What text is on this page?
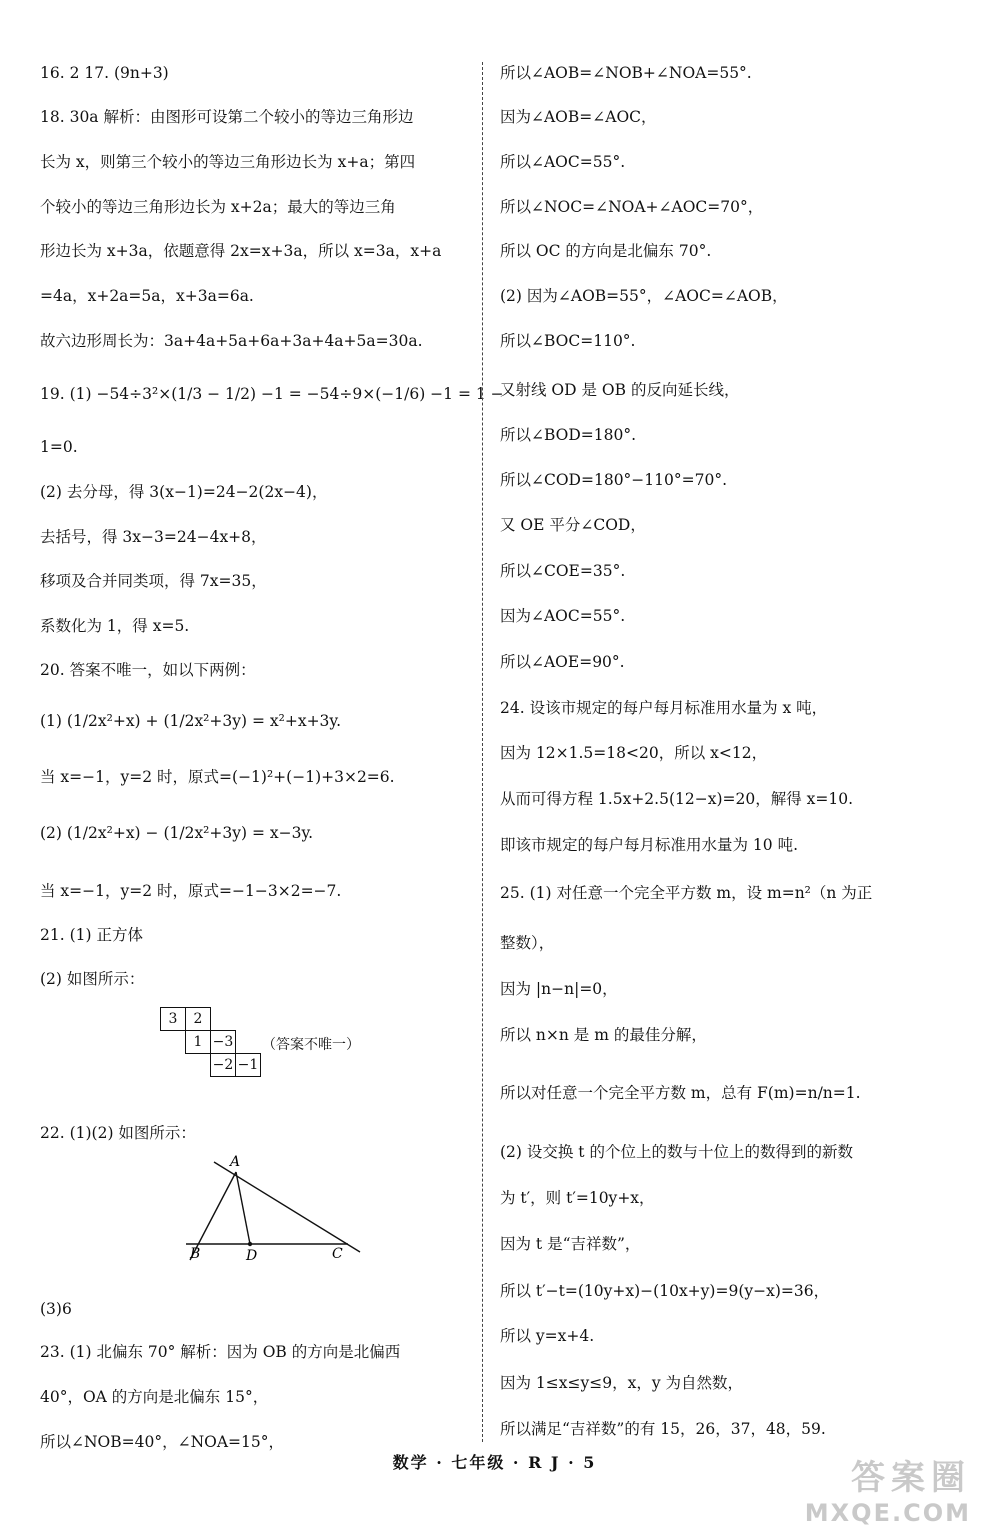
16. 2 17. (9n+3)
18. 30a 解析：由图形可设第二个较小的等边三角形边
长为 x，则第三个较小的等边三角形边长为 x+a；第四
个较小的等边三角形边长为 x+2a；最大的等边三角
形边长为 x+3a，依题意得 2x=x+3a，所以 x=3a，x+a
=4a，x+2a=5a，x+3a=6a.
故六边形周长为：3a+4a+5a+6a+3a+4a+5a=30a.
19. (1) −54÷3²×(1/3 − 1/2) −1 = −54÷9×(−1/6) −1 = 1 −
1=0.
(2) 去分母，得 3(x−1)=24−2(2x−4)，
去括号，得 3x−3=24−4x+8，
移项及合并同类项，得 7x=35，
系数化为 1，得 x=5.
20. 答案不唯一，如以下两例：
(1) (1/2x²+x) + (1/2x²+3y) = x²+x+3y.
当 x=−1，y=2 时，原式=(−1)²+(−1)+3×2=6.
(2) (1/2x²+x) − (1/2x²+3y) = x−3y.
当 x=−1，y=2 时，原式=−1−3×2=−7.
21. (1) 正方体
(2) 如图所示：
22. (1)(2) 如图所示：
(3)6
23. (1) 北偏东 70° 解析：因为 OB 的方向是北偏西
40°，OA 的方向是北偏东 15°，
所以∠NOB=40°，∠NOA=15°，
所以∠AOB=∠NOB+∠NOA=55°.
因为∠AOB=∠AOC，
所以∠AOC=55°.
所以∠NOC=∠NOA+∠AOC=70°，
所以 OC 的方向是北偏东 70°.
(2) 因为∠AOB=55°，∠AOC=∠AOB，
所以∠BOC=110°.
又射线 OD 是 OB 的反向延长线，
所以∠BOD=180°.
所以∠COD=180°−110°=70°.
又 OE 平分∠COD，
所以∠COE=35°.
因为∠AOC=55°.
所以∠AOE=90°.
24. 设该市规定的每户每月标准用水量为 x 吨，
因为 12×1.5=18<20，所以 x<12，
从而可得方程 1.5x+2.5(12−x)=20，解得 x=10.
即该市规定的每户每月标准用水量为 10 吨.
25. (1) 对任意一个完全平方数 m，设 m=n²（n 为正
整数），
因为 |n−n|=0，
所以 n×n 是 m 的最佳分解，
所以对任意一个完全平方数 m，总有 F(m)=n/n=1.
(2) 设交换 t 的个位上的数与十位上的数得到的新数
为 t′，则 t′=10y+x，
因为 t 是“吉祥数”，
所以 t′−t=(10y+x)−(10x+y)=9(y−x)=36，
所以 y=x+4.
因为 1≤x≤y≤9，x，y 为自然数，
所以满足“吉祥数”的有 15，26，37，48，59.
3	2		
	1	−3	
		−2	−1
（答案不唯一）
A
B	D	C
数学 · 七年级 · R J · 5	答案圈
MXQE.COM
